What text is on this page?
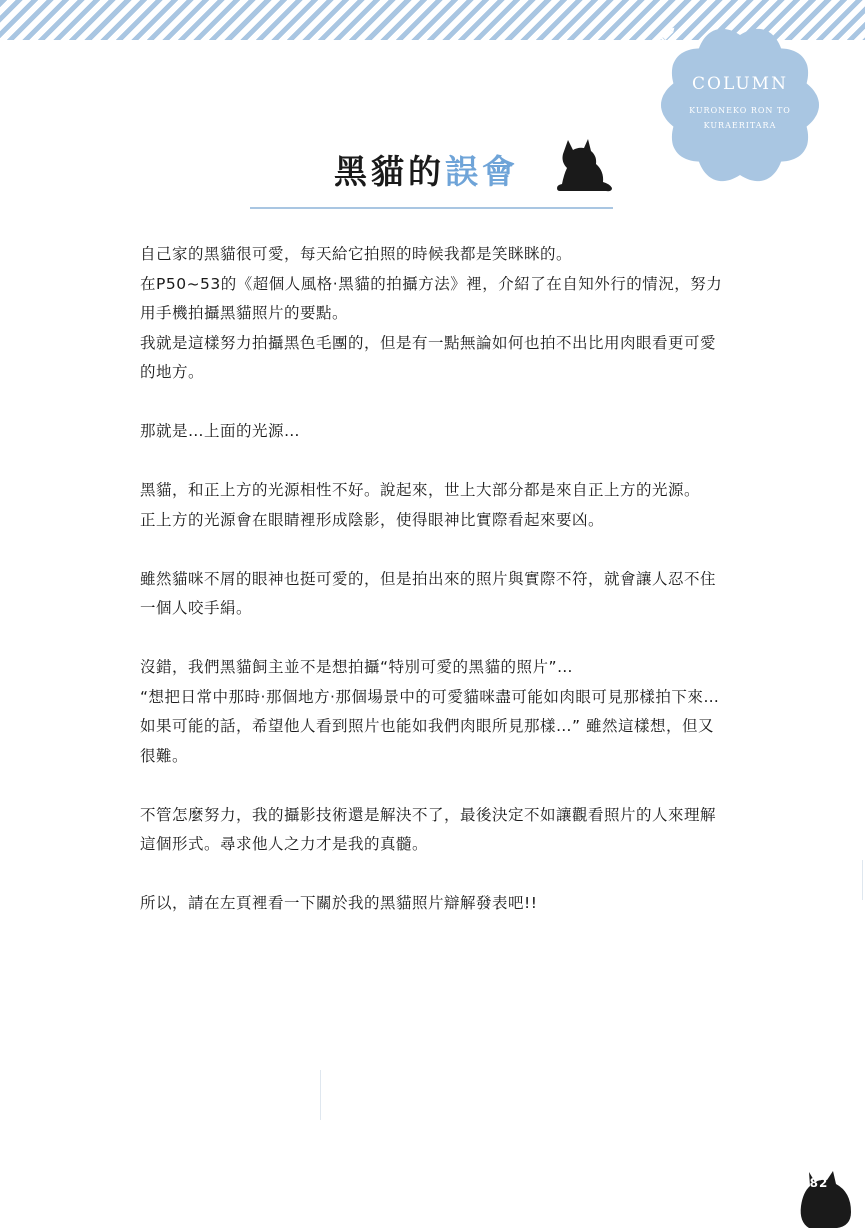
COLUMN
KURONEKO RON TO
KURAERITARA
黑貓的 誤會

自己家的黑貓很可愛，每天給它拍照的時候我都是笑眯眯的。
在P50~53的《超個人風格‧黑貓的拍攝方法》裡，介紹了在自知外行的情況，努力
用手機拍攝黑貓照片的要點。
我就是這樣努力拍攝黑色毛團的，但是有一點無論如何也拍不出比用肉眼看更可愛
的地方。

那就是…上面的光源…

黑貓，和正上方的光源相性不好。說起來，世上大部分都是來自正上方的光源。
正上方的光源會在眼睛裡形成陰影，使得眼神比實際看起來要凶。

雖然貓咪不屑的眼神也挺可愛的，但是拍出來的照片與實際不符，就會讓人忍不住
一個人咬手絹。

沒錯，我們黑貓飼主並不是想拍攝“特別可愛的黑貓的照片”…
“想把日常中那時‧那個地方‧那個場景中的可愛貓咪盡可能如肉眼可見那樣拍下來…
如果可能的話，希望他人看到照片也能如我們肉眼所見那樣…” 雖然這樣想，但又
很難。

不管怎麼努力，我的攝影技術還是解決不了，最後決定不如讓觀看照片的人來理解
這個形式。尋求他人之力才是我的真髓。

所以，請在左頁裡看一下關於我的黑貓照片辯解發表吧!!

82
